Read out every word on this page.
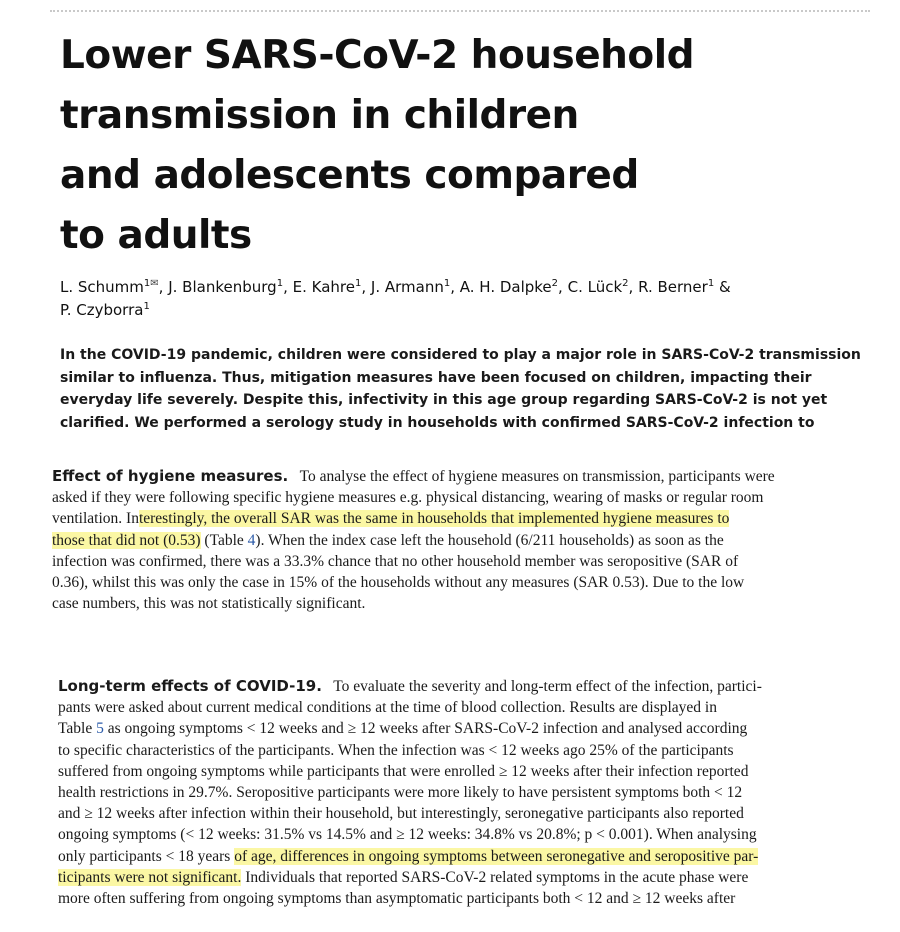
Lower SARS-CoV-2 household
transmission in children
and adolescents compared
to adults
L. Schumm$^{1✉}$, J. Blankenburg$^1$, E. Kahre$^1$, J. Armann$^1$, A. H. Dalpke$^2$, C. Lück$^2$, R. Berner$^1$ &
P. Czyborra$^1$
In the COVID-19 pandemic, children were considered to play a major role in SARS-CoV-2 transmission
similar to influenza. Thus, mitigation measures have been focused on children, impacting their
everyday life severely. Despite this, infectivity in this age group regarding SARS-CoV-2 is not yet
clarified. We performed a serology study in households with confirmed SARS-CoV-2 infection to
Effect of hygiene measures. To analyse the effect of hygiene measures on transmission, participants were
asked if they were following specific hygiene measures e.g. physical distancing, wearing of masks or regular room
ventilation. Interestingly, the overall SAR was the same in households that implemented hygiene measures to
those that did not (0.53) (Table 4). When the index case left the household (6/211 households) as soon as the
infection was confirmed, there was a 33.3% chance that no other household member was seropositive (SAR of
0.36), whilst this was only the case in 15% of the households without any measures (SAR 0.53). Due to the low
case numbers, this was not statistically significant.
Long-term effects of COVID-19. To evaluate the severity and long-term effect of the infection, partici-
pants were asked about current medical conditions at the time of blood collection. Results are displayed in
Table 5 as ongoing symptoms < 12 weeks and ≥ 12 weeks after SARS-CoV-2 infection and analysed according
to specific characteristics of the participants. When the infection was < 12 weeks ago 25% of the participants
suffered from ongoing symptoms while participants that were enrolled ≥ 12 weeks after their infection reported
health restrictions in 29.7%. Seropositive participants were more likely to have persistent symptoms both < 12
and ≥ 12 weeks after infection within their household, but interestingly, seronegative participants also reported
ongoing symptoms (< 12 weeks: 31.5% vs 14.5% and ≥ 12 weeks: 34.8% vs 20.8%; p < 0.001). When analysing
only participants < 18 years of age, differences in ongoing symptoms between seronegative and seropositive par-
ticipants were not significant. Individuals that reported SARS-CoV-2 related symptoms in the acute phase were
more often suffering from ongoing symptoms than asymptomatic participants both < 12 and ≥ 12 weeks after
